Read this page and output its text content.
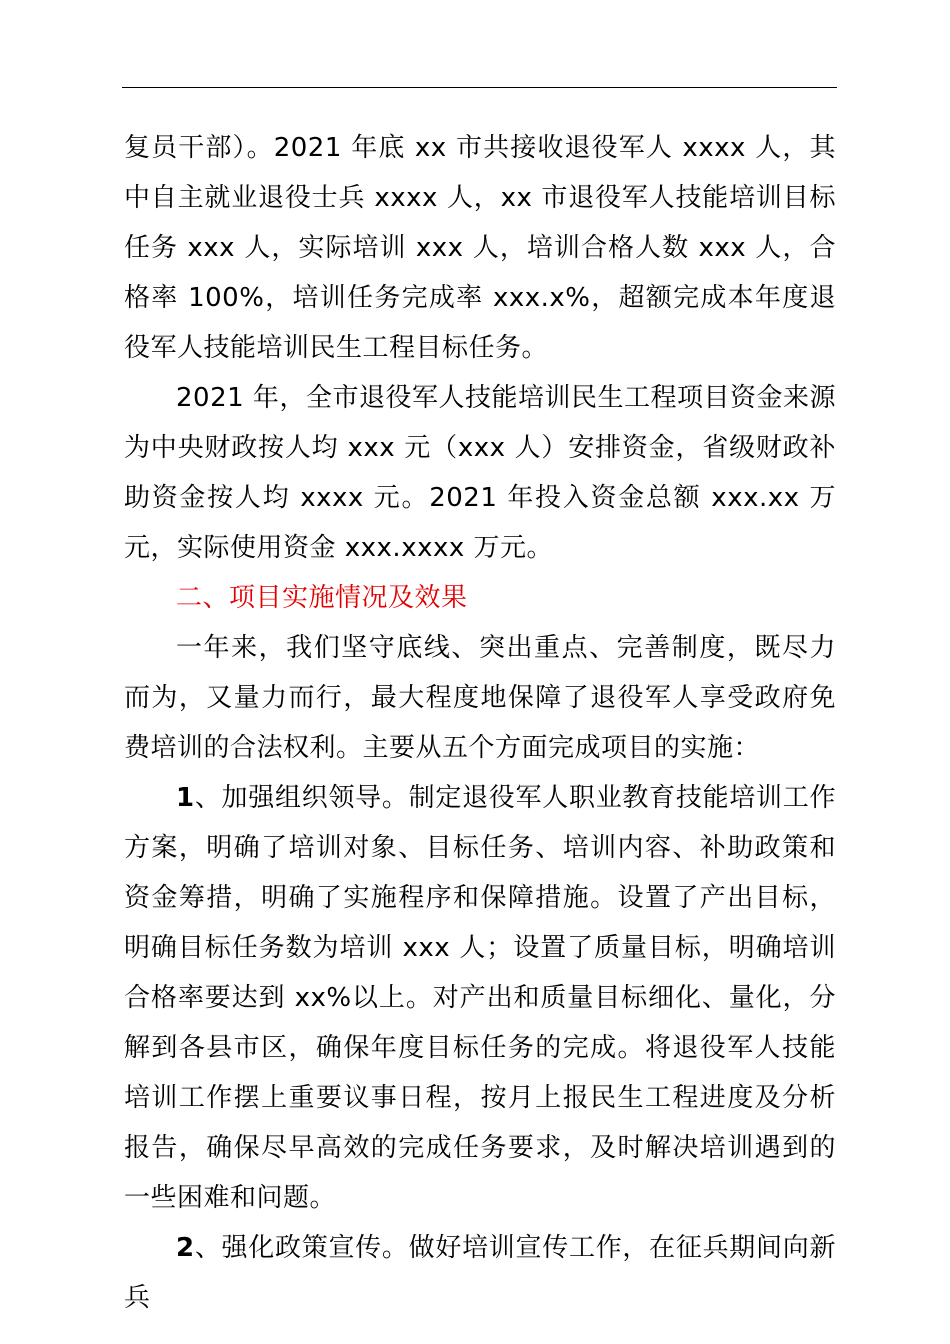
复员干部）。2021 年底 xx 市共接收退役军人 xxxx 人，其中自主就业退役士兵 xxxx 人，xx 市退役军人技能培训目标任务 xxx 人，实际培训 xxx 人，培训合格人数 xxx 人，合格率 100%，培训任务完成率 xxx.x%，超额完成本年度退役军人技能培训民生工程目标任务。

2021 年，全市退役军人技能培训民生工程项目资金来源为中央财政按人均 xxx 元（xxx 人）安排资金，省级财政补助资金按人均 xxxx 元。2021 年投入资金总额 xxx.xx 万元，实际使用资金 xxx.xxxx 万元。

二、项目实施情况及效果

一年来，我们坚守底线、突出重点、完善制度，既尽力而为，又量力而行，最大程度地保障了退役军人享受政府免费培训的合法权利。主要从五个方面完成项目的实施：

1、加强组织领导。制定退役军人职业教育技能培训工作方案，明确了培训对象、目标任务、培训内容、补助政策和资金筹措，明确了实施程序和保障措施。设置了产出目标，明确目标任务数为培训 xxx 人；设置了质量目标，明确培训合格率要达到 xx%以上。对产出和质量目标细化、量化，分解到各县市区，确保年度目标任务的完成。将退役军人技能培训工作摆上重要议事日程，按月上报民生工程进度及分析报告，确保尽早高效的完成任务要求，及时解决培训遇到的一些困难和问题。

2、强化政策宣传。做好培训宣传工作，在征兵期间向新兵
